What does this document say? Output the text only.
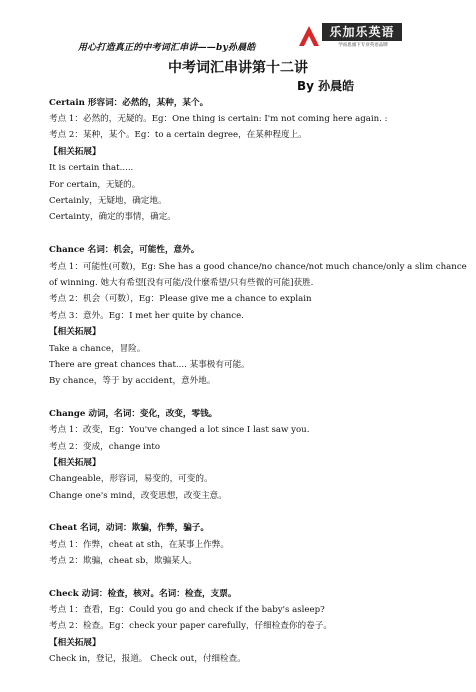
用心打造真正的中考词汇串讲——by孙晨皓
乐加乐英语
学而思旗下专业英语品牌
中考词汇串讲第十二讲
By 孙晨皓
Certain 形容词：必然的，某种，某个。
考点 1：必然的，无疑的。Eg：One thing is certain: I'm not coming here again. :
考点 2：某种，某个。Eg：to a certain degree，在某种程度上。
【相关拓展】
It is certain that.....
For certain，无疑的。
Certainly，无疑地，确定地。
Certainty，确定的事情，确定。
Chance 名词：机会，可能性，意外。
考点 1：可能性(可数)，Eg: She has a good chance/no chance/not much chance/only a slim chance
of winning. 她大有希望[没有可能/没什麼希望/只有些微的可能]获胜.
考点 2：机会（可数），Eg：Please give me a chance to explain
考点 3：意外。Eg：I met her quite by chance.
【相关拓展】
Take a chance，冒险。
There are great chances that.... 某事极有可能。
By chance，等于 by accident，意外地。
Change 动词，名词：变化，改变，零钱。
考点 1：改变，Eg：You've changed a lot since I last saw you.
考点 2：变成，change into
【相关拓展】
Changeable，形容词，易变的，可变的。
Change one's mind，改变思想，改变主意。
Cheat 名词，动词：欺骗，作弊，骗子。
考点 1：作弊，cheat at sth，在某事上作弊。
考点 2：欺骗，cheat sb，欺骗某人。
Check 动词：检查，核对。名词：检查，支票。
考点 1：查看，Eg：Could you go and check if the baby's asleep?
考点 2：检查。Eg：check your paper carefully，仔细检查你的卷子。
【相关拓展】
Check in，登记，报道。 Check out，付细检查。
